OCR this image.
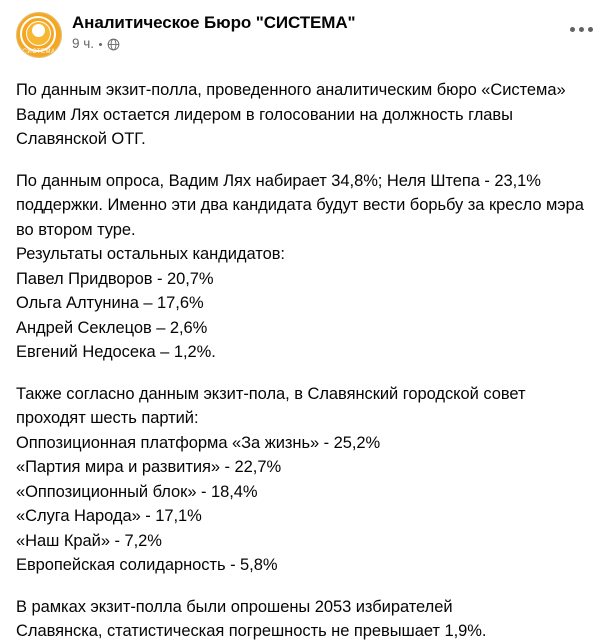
СИСТЕМА
Аналитическое Бюро "СИСТЕМА"
9 ч.

По данным экзит-полла, проведенного аналитическим бюро «Система» Вадим Лях остается лидером в голосовании на должность главы Славянской ОТГ.

По данным опроса, Вадим Лях набирает 34,8%; Неля Штепа - 23,1% поддержки. Именно эти два кандидата будут вести борьбу за кресло мэра во втором туре.

Результаты остальных кандидатов:

Павел Придворов - 20,7%

Ольга Алтунина – 17,6%

Андрей Секлецов – 2,6%

Евгений Недосека – 1,2%.

Также согласно данным экзит-пола, в Славянский городской совет

проходят шесть партий:

Оппозиционная платформа «За жизнь» - 25,2%

«Партия мира и развития» - 22,7%

«Оппозиционный блок» - 18,4%

«Слуга Народа» - 17,1%

«Наш Край» - 7,2%

Европейская солидарность - 5,8%

В рамках экзит-полла были опрошены 2053 избирателей

Славянска, статистическая погрешность не превышает 1,9%.
